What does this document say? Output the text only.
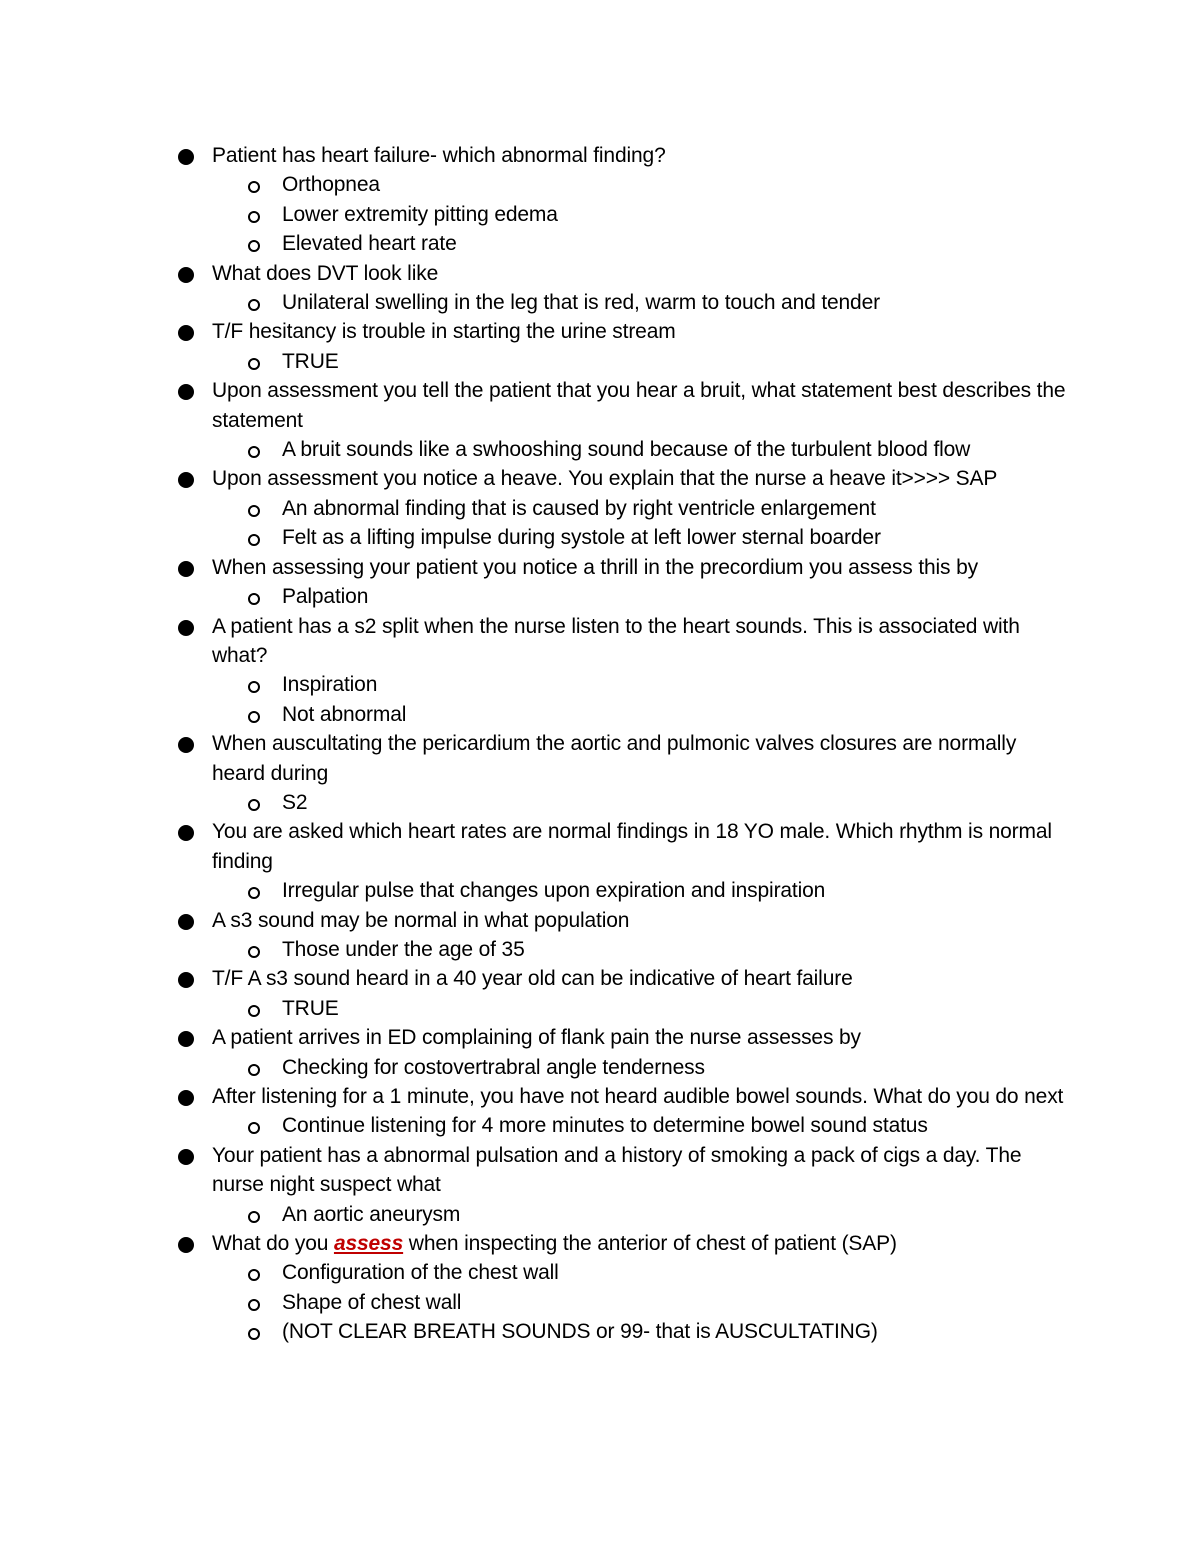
Patient has heart failure- which abnormal finding?
Orthopnea
Lower extremity pitting edema
Elevated heart rate
What does DVT look like
Unilateral swelling in the leg that is red, warm to touch and tender
T/F hesitancy is trouble in starting the urine stream
TRUE
Upon assessment you tell the patient that you hear a bruit, what statement best describes the statement
A bruit sounds like a swhooshing sound because of the turbulent blood flow
Upon assessment you notice a heave. You explain that the nurse a heave it>>>> SAP
An abnormal finding that is caused by right ventricle enlargement
Felt as a lifting impulse during systole at left lower sternal boarder
When assessing your patient you notice a thrill in the precordium you assess this by
Palpation
A patient has a s2 split when the nurse listen to the heart sounds. This is associated with what?
Inspiration
Not abnormal
When auscultating the pericardium the aortic and pulmonic valves closures are normally heard during
S2
You are asked which heart rates are normal findings in 18 YO male. Which rhythm is normal finding
Irregular pulse that changes upon expiration and inspiration
A s3 sound may be normal in what population
Those under the age of 35
T/F A s3 sound heard in a 40 year old can be indicative of heart failure
TRUE
A patient arrives in ED complaining of flank pain the nurse assesses by
Checking for costovertrabral angle tenderness
After listening for a 1 minute, you have not heard audible bowel sounds. What do you do next
Continue listening for 4 more minutes to determine bowel sound status
Your patient has a abnormal pulsation and a history of smoking a pack of cigs a day. The nurse night suspect what
An aortic aneurysm
What do you assess when inspecting the anterior of chest of patient (SAP)
Configuration of the chest wall
Shape of chest wall
(NOT CLEAR BREATH SOUNDS or 99- that is AUSCULTATING)
